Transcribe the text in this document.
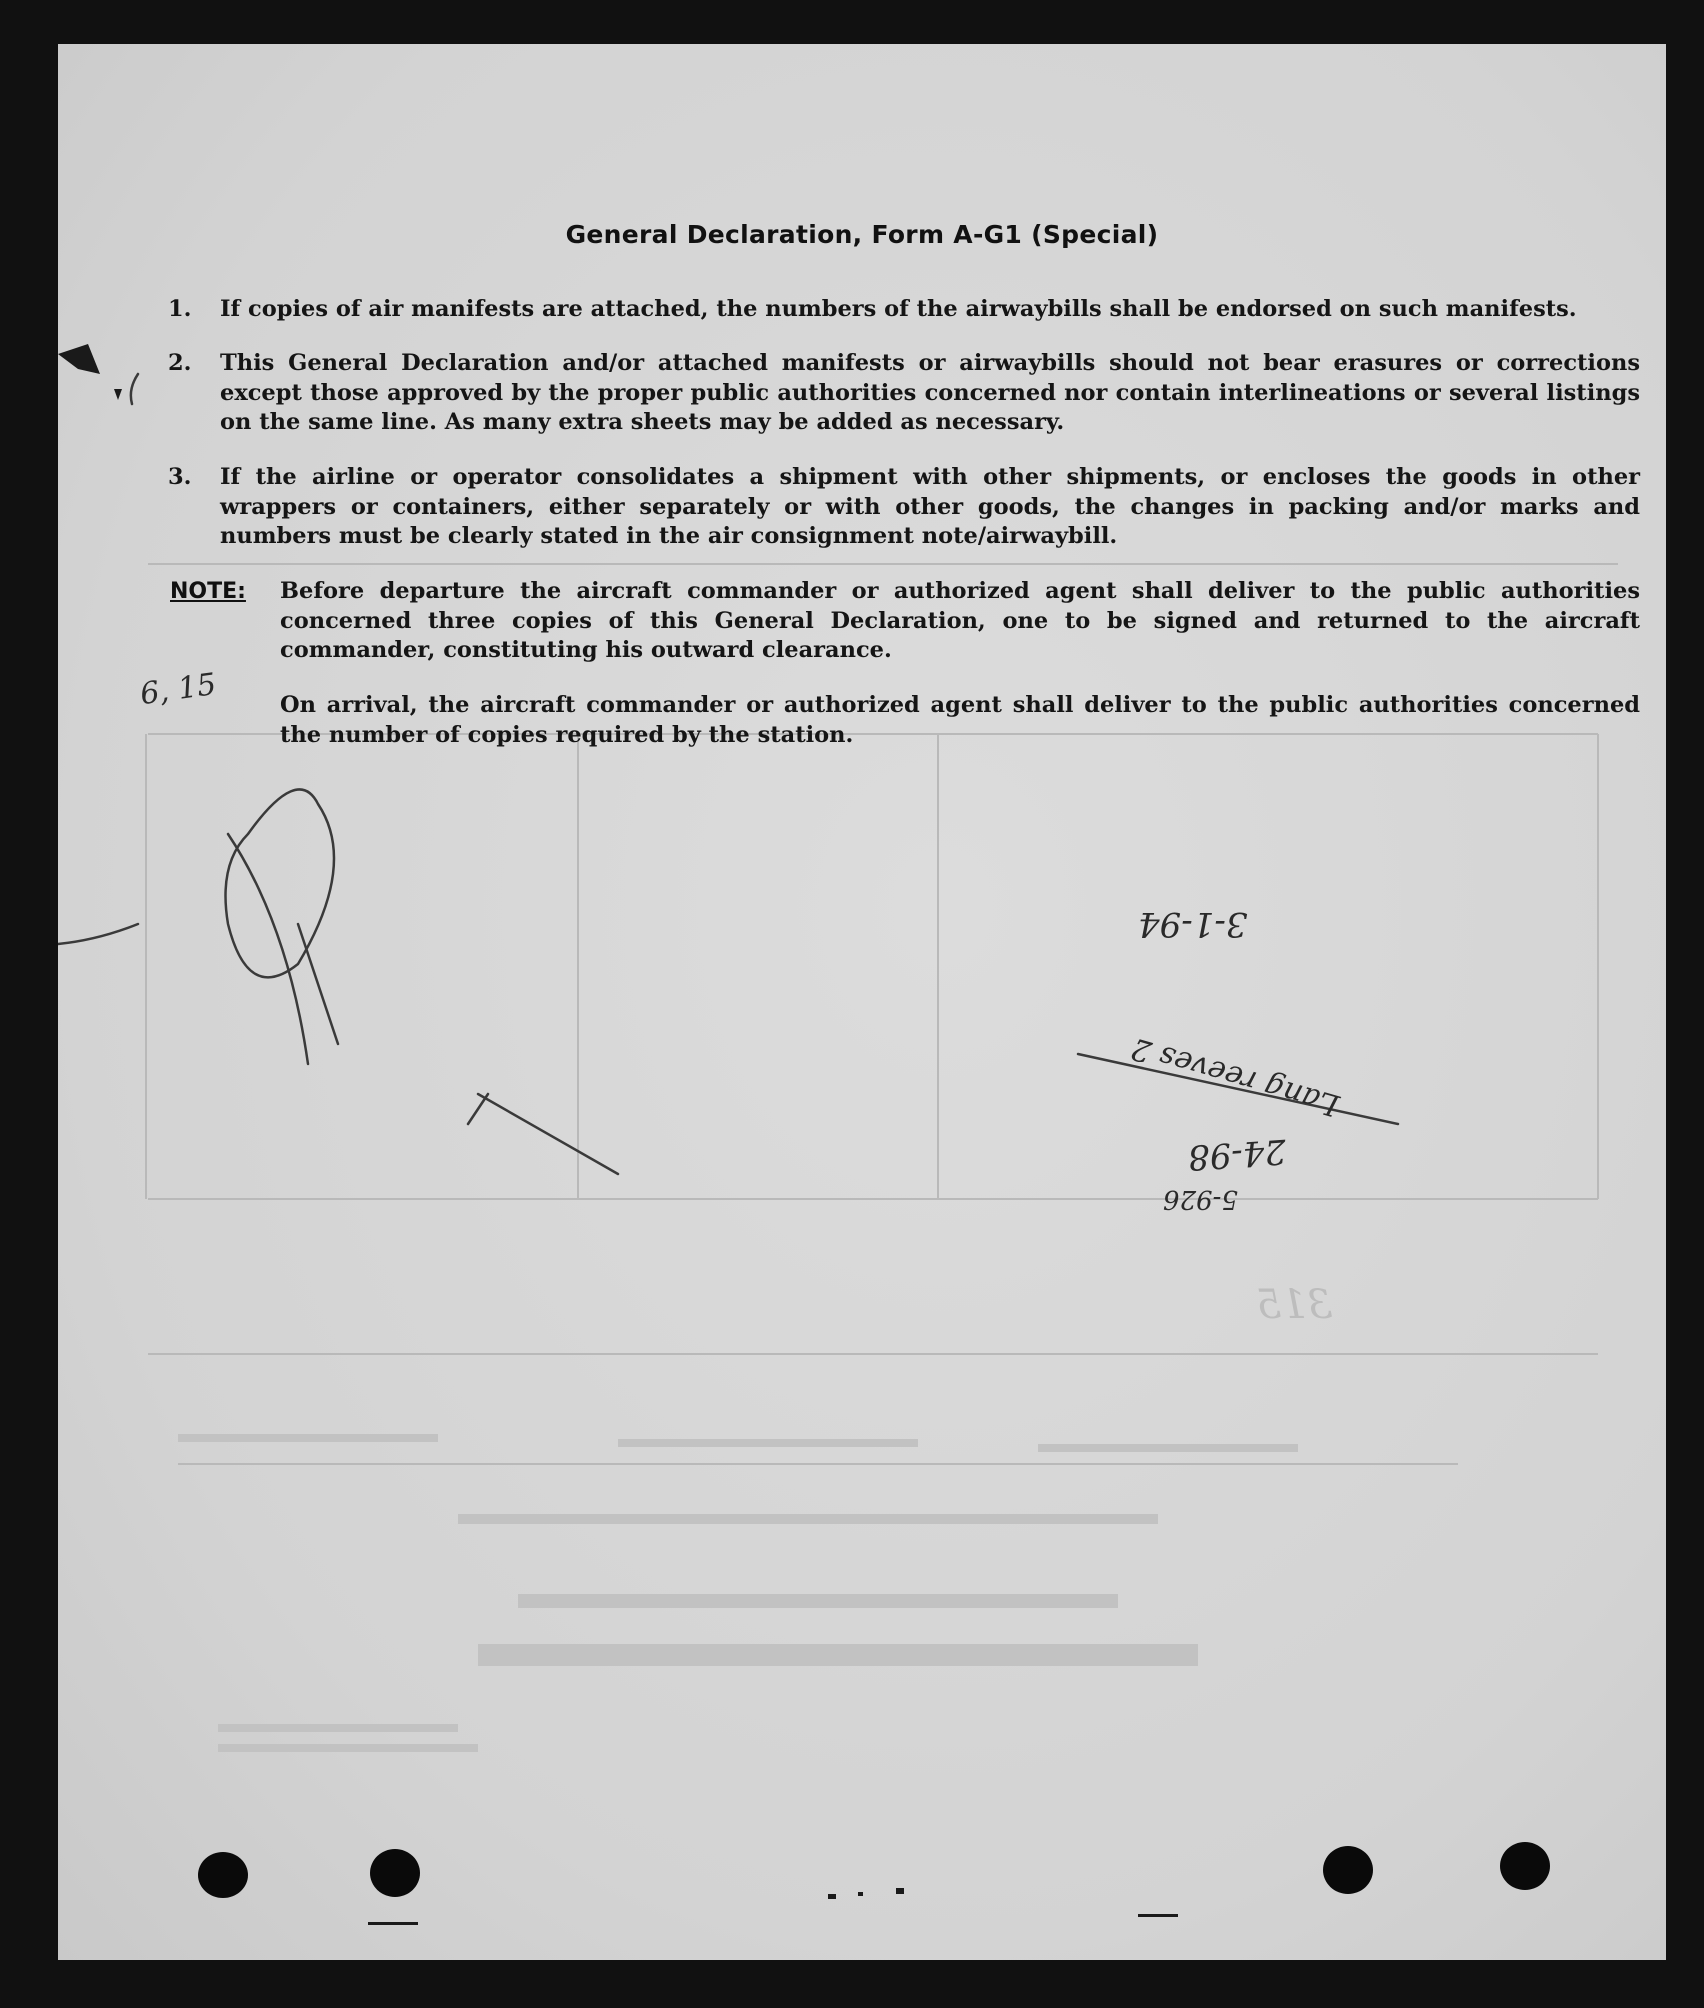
315
General Declaration, Form A-G1 (Special)
1. If copies of air manifests are attached, the numbers of the airwaybills shall be endorsed on such manifests.
2. This General Declaration and/or attached manifests or airwaybills should not bear erasures or corrections except those approved by the proper public authorities concerned nor contain interlineations or several listings on the same line. As many extra sheets may be added as necessary.
3. If the airline or operator consolidates a shipment with other shipments, or encloses the goods in other wrappers or containers, either separately or with other goods, the changes in packing and/or marks and numbers must be clearly stated in the air consignment note/airwaybill.
NOTE: Before departure the aircraft commander or authorized agent shall deliver to the public authorities concerned three copies of this General Declaration, one to be signed and returned to the aircraft commander, constituting his outward clearance.
On arrival, the aircraft commander or authorized agent shall deliver to the public authorities concerned the number of copies required by the station.
6, 15
3-1-94
Lang reeves 2
24-98
5-926
